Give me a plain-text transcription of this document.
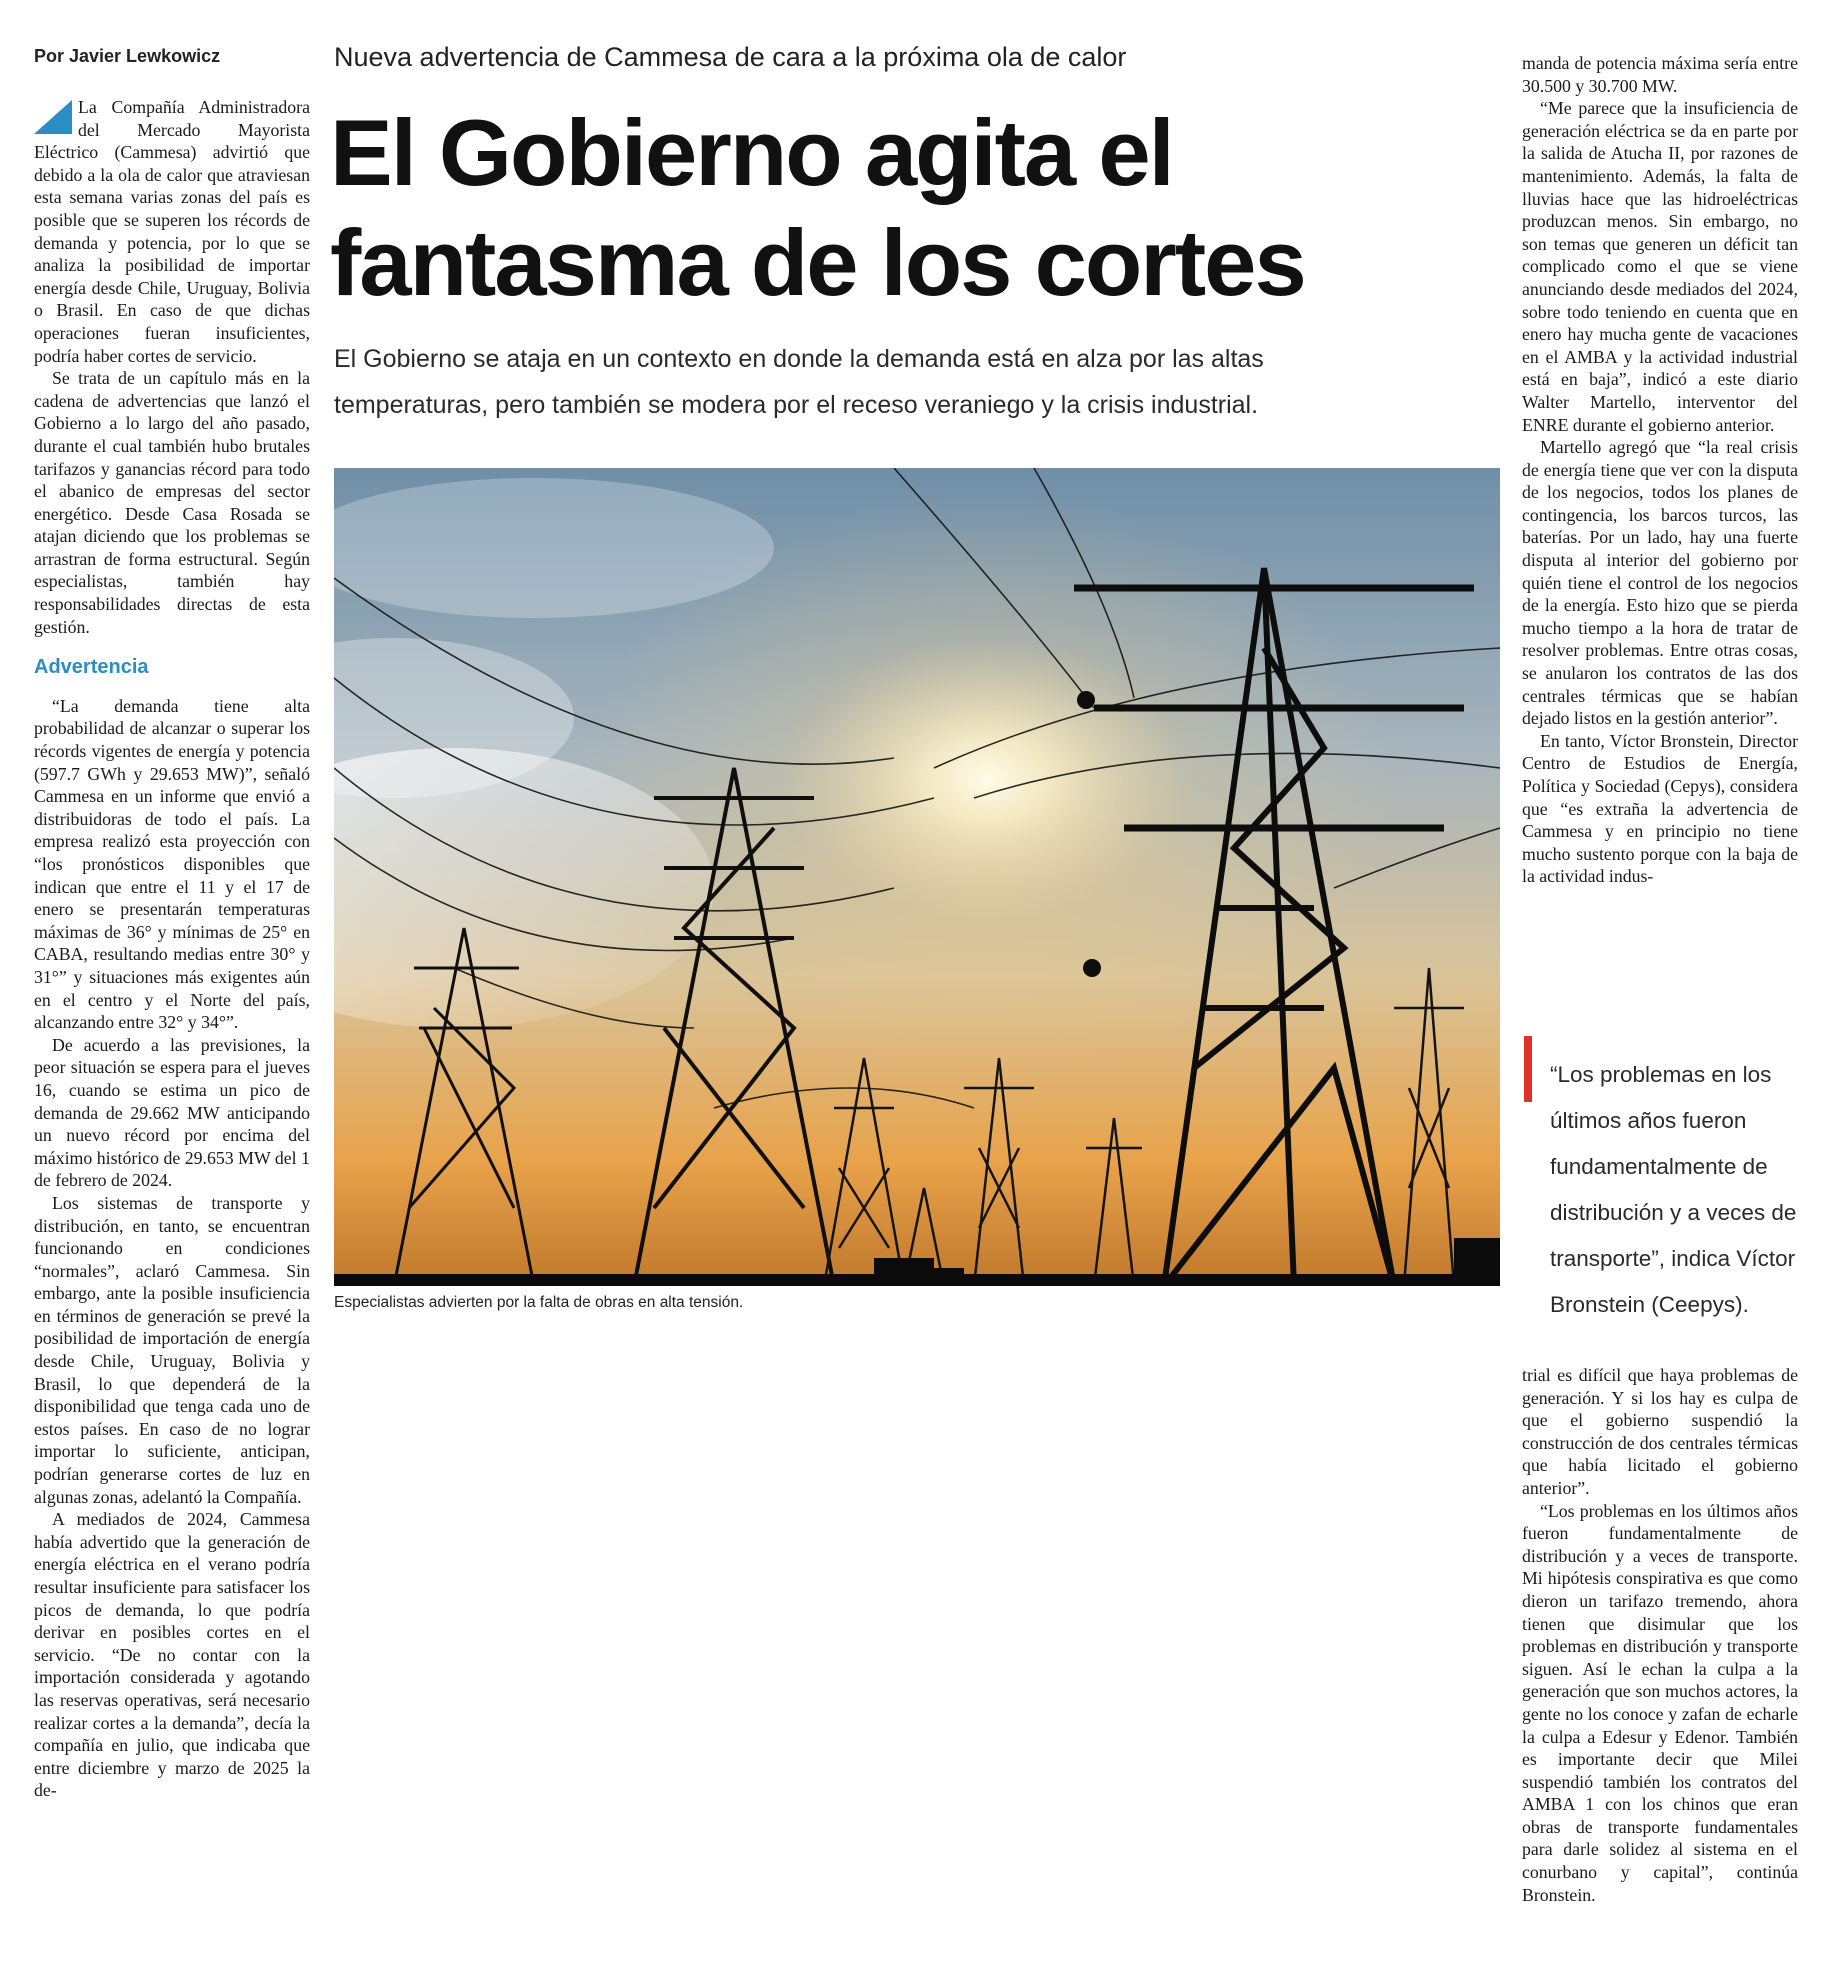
Por Javier Lewkowicz

La Compañía Administradora del Mercado Mayorista Eléctrico (Cammesa) advirtió que debido a la ola de calor que atraviesan esta semana varias zonas del país es posible que se superen los récords de demanda y potencia, por lo que se analiza la posibilidad de importar energía desde Chile, Uruguay, Bolivia o Brasil. En caso de que dichas operaciones fueran insuficientes, podría haber cortes de servicio.

Se trata de un capítulo más en la cadena de advertencias que lanzó el Gobierno a lo largo del año pasado, durante el cual también hubo brutales tarifazos y ganancias récord para todo el abanico de empresas del sector energético. Desde Casa Rosada se atajan diciendo que los problemas se arrastran de forma estructural. Según especialistas, también hay responsabilidades directas de esta gestión.

Advertencia

“La demanda tiene alta probabilidad de alcanzar o superar los récords vigentes de energía y potencia (597.7 GWh y 29.653 MW)”, señaló Cammesa en un informe que envió a distribuidoras de todo el país. La empresa realizó esta proyección con “los pronósticos disponibles que indican que entre el 11 y el 17 de enero se presentarán temperaturas máximas de 36° y mínimas de 25° en CABA, resultando medias entre 30° y 31°” y situaciones más exigentes aún en el centro y el Norte del país, alcanzando entre 32° y 34°”.

De acuerdo a las previsiones, la peor situación se espera para el jueves 16, cuando se estima un pico de demanda de 29.662 MW anticipando un nuevo récord por encima del máximo histórico de 29.653 MW del 1 de febrero de 2024.

Los sistemas de transporte y distribución, en tanto, se encuentran funcionando en condiciones “normales”, aclaró Cammesa. Sin embargo, ante la posible insuficiencia en términos de generación se prevé la posibilidad de importación de energía desde Chile, Uruguay, Bolivia y Brasil, lo que dependerá de la disponibilidad que tenga cada uno de estos países. En caso de no lograr importar lo suficiente, anticipan, podrían generarse cortes de luz en algunas zonas, adelantó la Compañía.

A mediados de 2024, Cammesa había advertido que la generación de energía eléctrica en el verano podría resultar insuficiente para satisfacer los picos de demanda, lo que podría derivar en posibles cortes en el servicio. “De no contar con la importación considerada y agotando las reservas operativas, será necesario realizar cortes a la demanda”, decía la compañía en julio, que indicaba que entre diciembre y marzo de 2025 la de-

Nueva advertencia de Cammesa de cara a la próxima ola de calor
El Gobierno agita el fantasma de los cortes
El Gobierno se ataja en un contexto en donde la demanda está en alza por las altas temperaturas, pero también se modera por el receso veraniego y la crisis industrial.
Especialistas advierten por la falta de obras en alta tensión.

manda de potencia máxima sería entre 30.500 y 30.700 MW.

“Me parece que la insuficiencia de generación eléctrica se da en parte por la salida de Atucha II, por razones de mantenimiento. Además, la falta de lluvias hace que las hidroeléctricas produzcan menos. Sin embargo, no son temas que generen un déficit tan complicado como el que se viene anunciando desde mediados del 2024, sobre todo teniendo en cuenta que en enero hay mucha gente de vacaciones en el AMBA y la actividad industrial está en baja”, indicó a este diario Walter Martello, interventor del ENRE durante el gobierno anterior.

Martello agregó que “la real crisis de energía tiene que ver con la disputa de los negocios, todos los planes de contingencia, los barcos turcos, las baterías. Por un lado, hay una fuerte disputa al interior del gobierno por quién tiene el control de los negocios de la energía. Esto hizo que se pierda mucho tiempo a la hora de tratar de resolver problemas. Entre otras cosas, se anularon los contratos de las dos centrales térmicas que se habían dejado listos en la gestión anterior”.

En tanto, Víctor Bronstein, Director Centro de Estudios de Energía, Política y Sociedad (Cepys), considera que “es extraña la advertencia de Cammesa y en principio no tiene mucho sustento porque con la baja de la actividad indus-

“Los problemas en los últimos años fueron fundamentalmente de distribución y a veces de transporte”, indica Víctor Bronstein (Ceepys).

trial es difícil que haya problemas de generación. Y si los hay es culpa de que el gobierno suspendió la construcción de dos centrales térmicas que había licitado el gobierno anterior”.

“Los problemas en los últimos años fueron fundamentalmente de distribución y a veces de transporte. Mi hipótesis conspirativa es que como dieron un tarifazo tremendo, ahora tienen que disimular que los problemas en distribución y transporte siguen. Así le echan la culpa a la generación que son muchos actores, la gente no los conoce y zafan de echarle la culpa a Edesur y Edenor. También es importante decir que Milei suspendió también los contratos del AMBA 1 con los chinos que eran obras de transporte fundamentales para darle solidez al sistema en el conurbano y capital”, continúa Bronstein.
